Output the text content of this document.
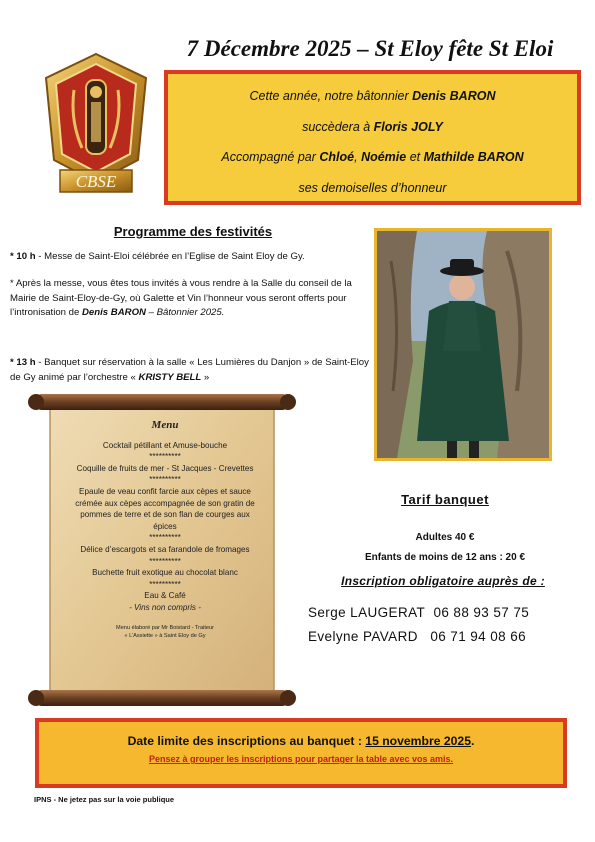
7 Décembre 2025 – St Eloy fête St Eloi
CBSE
Cette année, notre bâtonnier Denis BARON
succèdera à Floris JOLY
Accompagné par Chloé, Noémie et Mathilde BARON
ses demoiselles d’honneur
Programme des festivités
* 10 h - Messe de Saint-Eloi célébrée en l’Eglise de Saint Eloy de Gy.
* Après la messe, vous êtes tous invités à vous rendre à la Salle du conseil de la Mairie de Saint-Eloy-de-Gy, où Galette et Vin l’honneur vous seront offerts pour l’intronisation de Denis BARON – Bâtonnier 2025.
* 13 h - Banquet sur réservation à la salle « Les Lumières du Danjon » de Saint-Eloy de Gy animé par l’orchestre « KRISTY BELL »
Menu
Cocktail pétillant et Amuse-bouche
**********
Coquille de fruits de mer - St Jacques - Crevettes
**********
Epaule de veau confit farcie aux cèpes et sauce crémée aux cèpes accompagnée de son gratin de pommes de terre et de son flan de courges aux épices
**********
Délice d’escargots et sa farandole de fromages
**********
Buchette fruit exotique au chocolat blanc
**********
Eau & Café
- Vins non compris -
Menu élaboré par Mr Boistard - Traiteur
« L’Assiette » à Saint Eloy de Gy
Tarif banquet
Adultes 40 €
Enfants de moins de 12 ans : 20 €
Inscription obligatoire auprès de :
Serge LAUGERAT 06 88 93 57 75
Evelyne PAVARD 06 71 94 08 66
Date limite des inscriptions au banquet : 15 novembre 2025.
Pensez à grouper les inscriptions pour partager la table avec vos amis.
IPNS - Ne jetez pas sur la voie publique
